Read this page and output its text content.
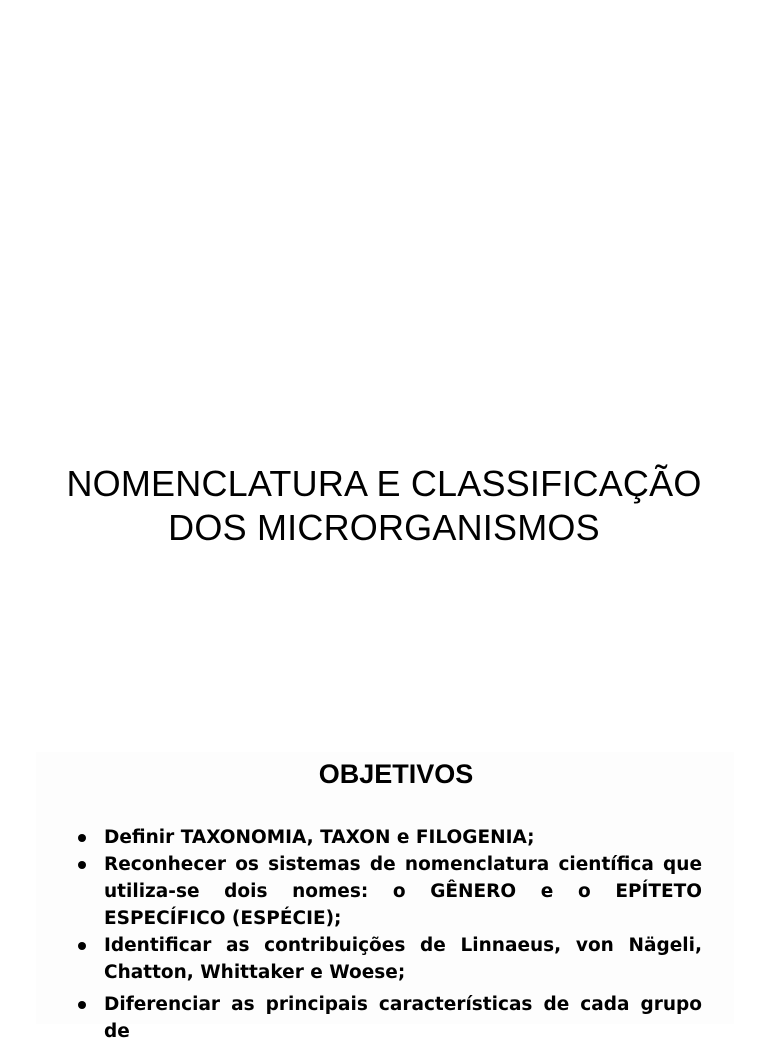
NOMENCLATURA E CLASSIFICAÇÃO
DOS MICRORGANISMOS
OBJETIVOS
Definir TAXONOMIA, TAXON e FILOGENIA;
Reconhecer os sistemas de nomenclatura científica que utiliza-se dois nomes: o GÊNERO e o EPÍTETO ESPECÍFICO (ESPÉCIE);
Identificar as contribuições de Linnaeus, von Nägeli, Chatton, Whittaker e Woese;
Diferenciar as principais características de cada grupo de
